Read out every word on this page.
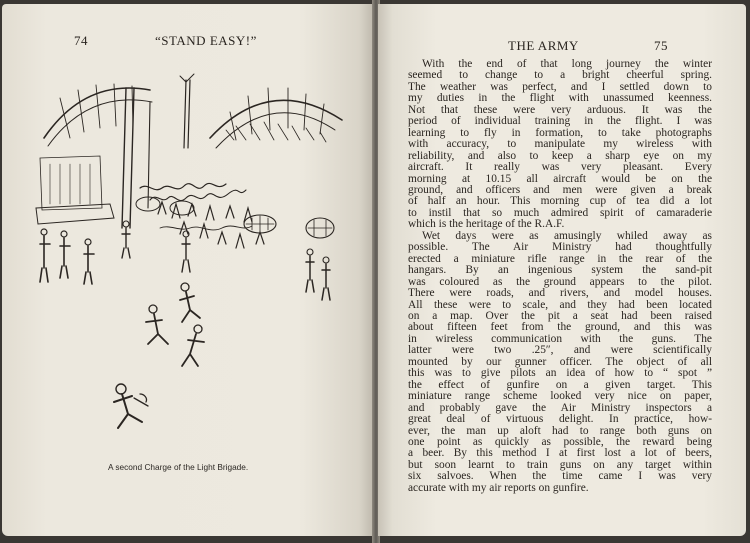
74	“STAND EASY!”
A second Charge of the Light Brigade.
THE ARMY	75
With the end of that long journey the winter
seemed to change to a bright cheerful spring.
The weather was perfect, and I settled down to
my duties in the flight with unassumed keenness.
Not that these were very arduous. It was the
period of individual training in the flight. I was
learning to fly in formation, to take photographs
with accuracy, to manipulate my wireless with
reliability, and also to keep a sharp eye on my
aircraft. It really was very pleasant. Every
morning at 10.15 all aircraft would be on the
ground, and officers and men were given a break
of half an hour. This morning cup of tea did a lot
to instil that so much admired spirit of camaraderie
which is the heritage of the R.A.F.
Wet days were as amusingly whiled away as
possible. The Air Ministry had thoughtfully
erected a miniature rifle range in the rear of the
hangars. By an ingenious system the sand-pit
was coloured as the ground appears to the pilot.
There were roads, and rivers, and model houses.
All these were to scale, and they had been located
on a map. Over the pit a seat had been raised
about fifteen feet from the ground, and this was
in wireless communication with the guns. The
latter were two .25″, and were scientifically
mounted by our gunner officer. The object of all
this was to give pilots an idea of how to “ spot ”
the effect of gunfire on a given target. This
miniature range scheme looked very nice on paper,
and probably gave the Air Ministry inspectors a
great deal of virtuous delight. In practice, how-
ever, the man up aloft had to range both guns on
one point as quickly as possible, the reward being
a beer. By this method I at first lost a lot of beers,
but soon learnt to train guns on any target within
six salvoes. When the time came I was very
accurate with my air reports on gunfire.
